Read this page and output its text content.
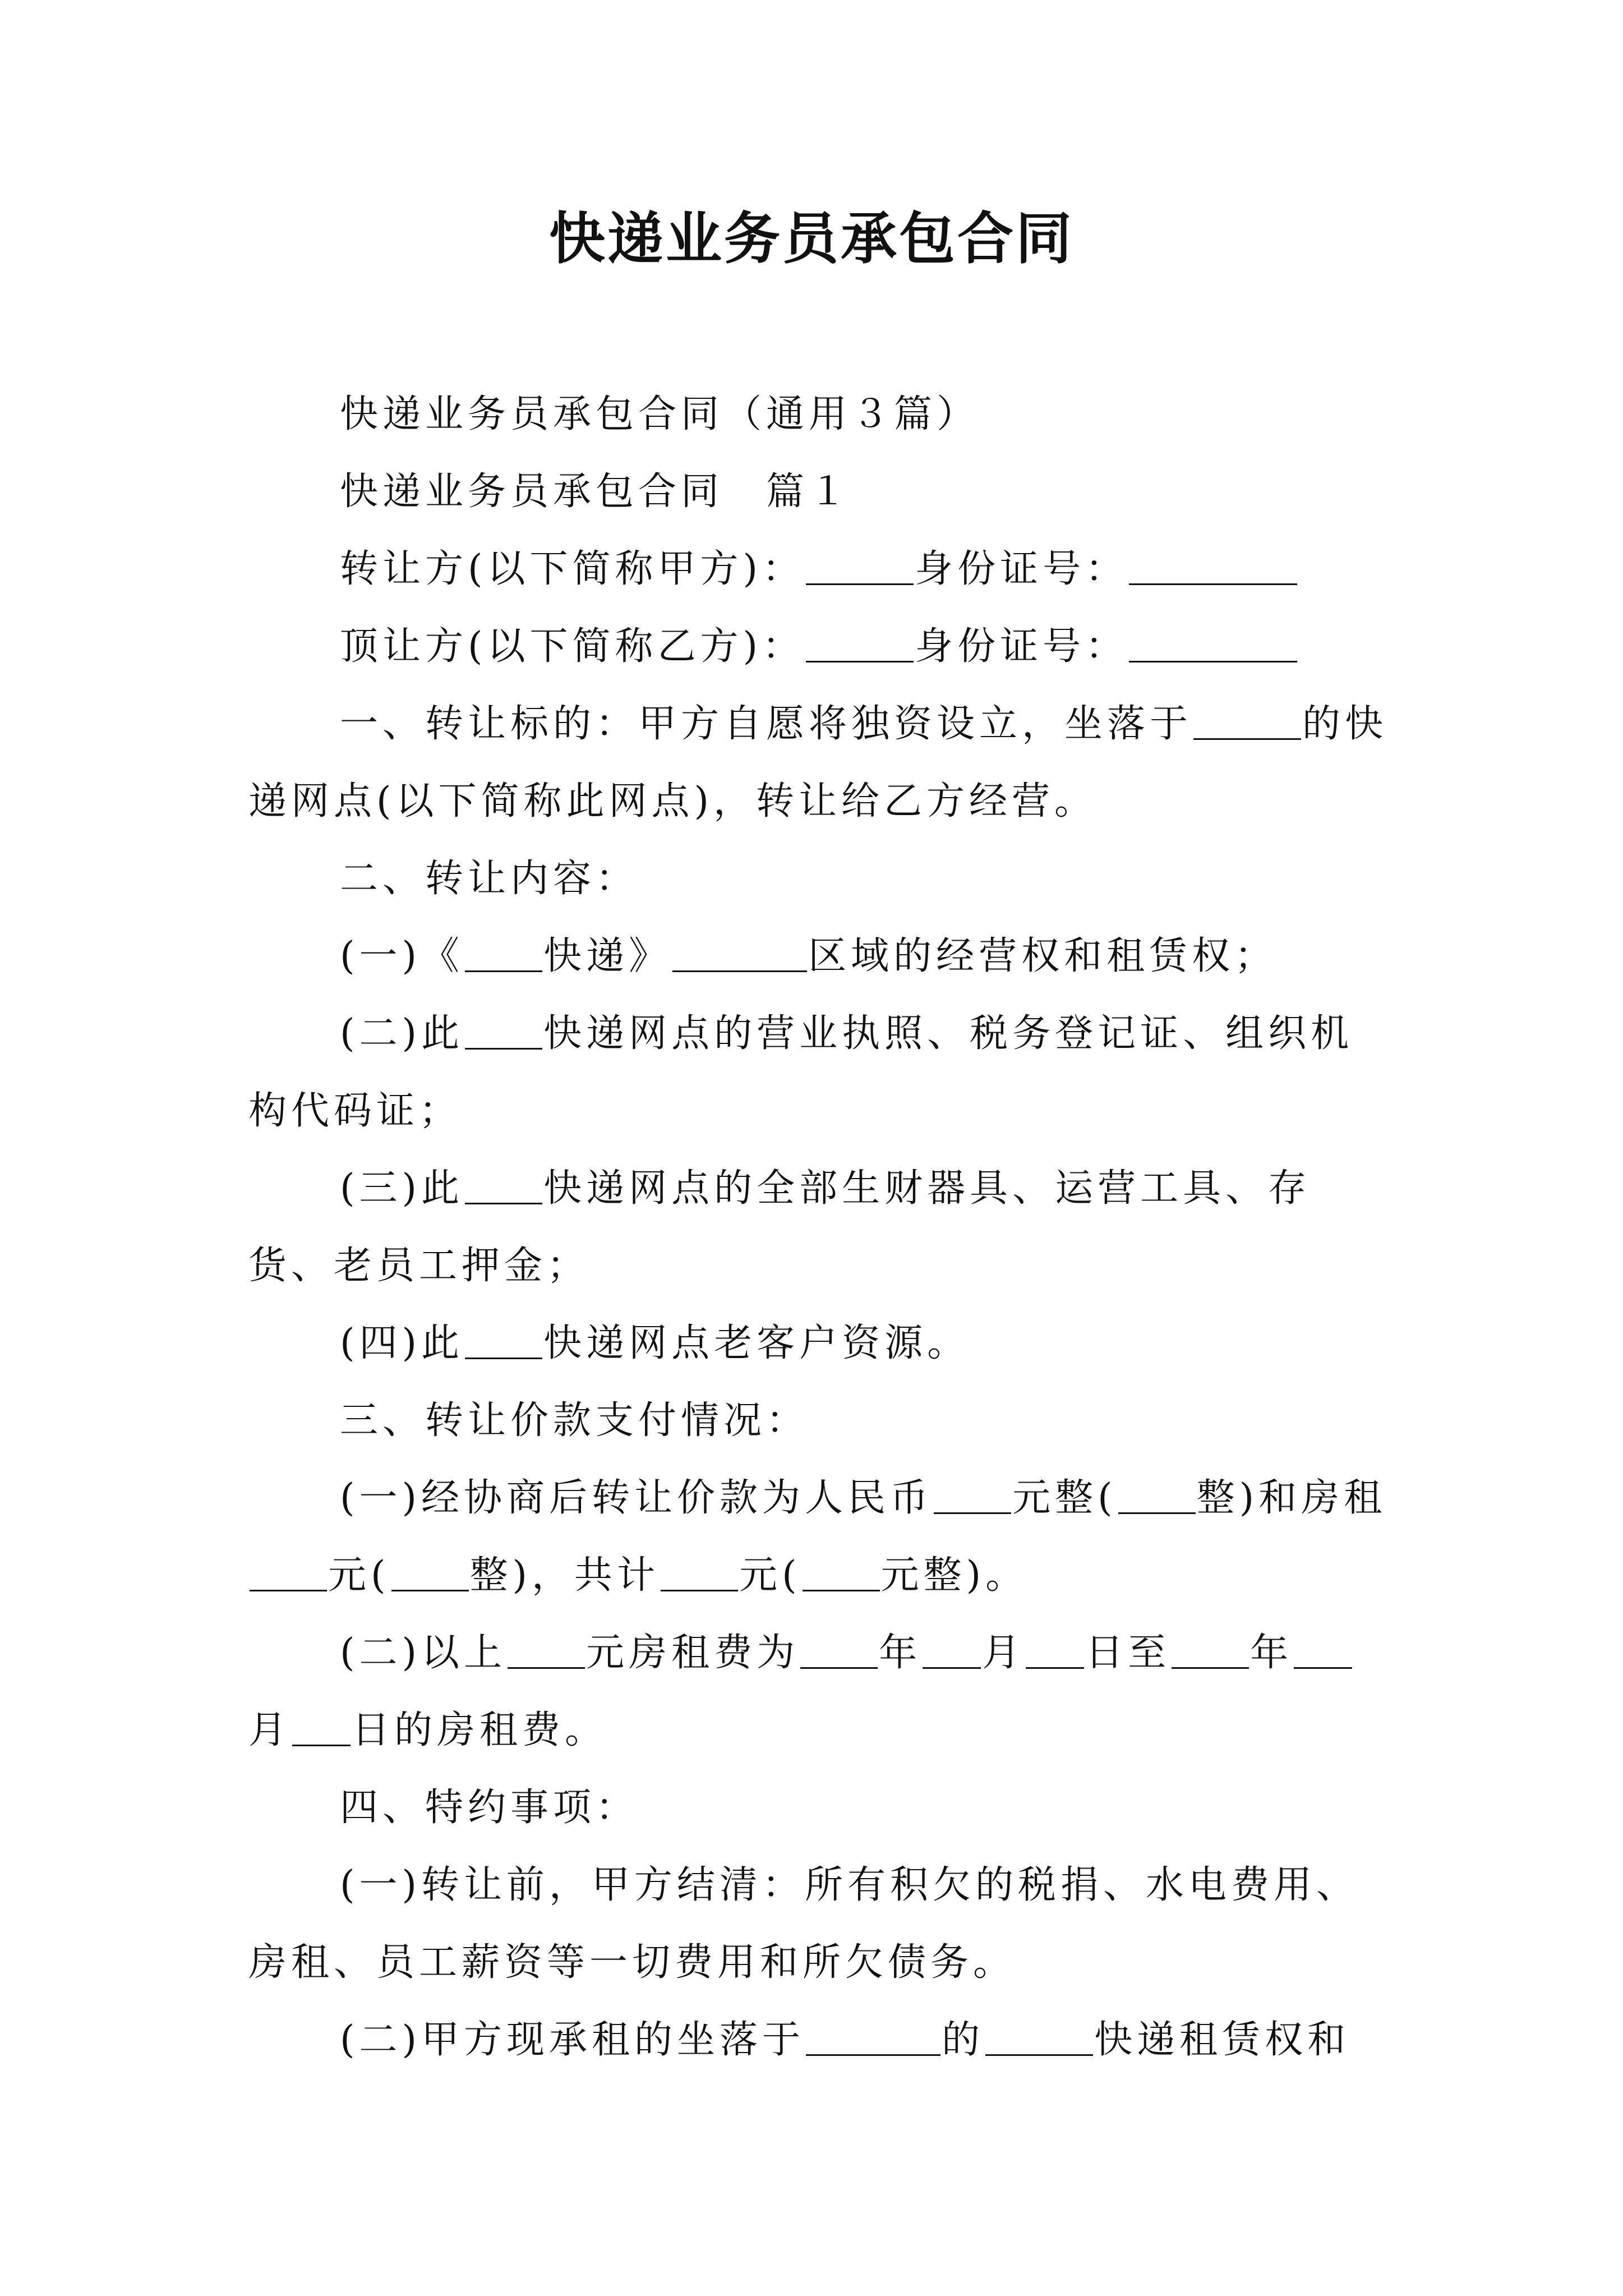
快递业务员承包合同

快递业务员承包合同（通用３篇）

快递业务员承包合同　篇１

转让方(以下简称甲方)：	身份证号：

顶让方(以下简称乙方)：	身份证号：

一、转让标的：甲方自愿将独资设立，坐落于	的快递网点(以下简称此网点)，转让给乙方经营。

二、转让内容：

(一)《 快递》	区域的经营权和租赁权；

(二)此 快递网点的营业执照、税务登记证、组织机构代码证；

(三)此 快递网点的全部生财器具、运营工具、存货、老员工押金；

(四)此 快递网点老客户资源。

三、转让价款支付情况：

(一)经协商后转让价款为人民币 元整( 整)和房租元( 整)，共计 元( 元整)。

(二)以上 元房租费为 年 月 日至 年月 日的房租费。

四、特约事项：

(一)转让前，甲方结清：所有积欠的税捐、水电费用、房租、员工薪资等一切费用和所欠债务。

(二)甲方现承租的坐落于	的	快递租赁权和
